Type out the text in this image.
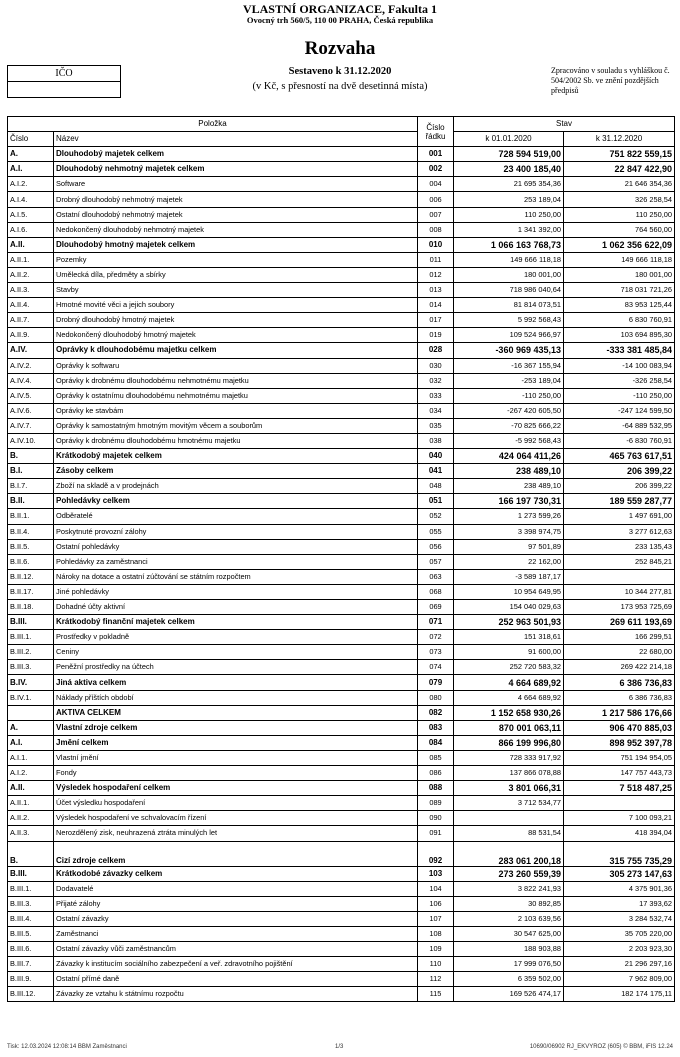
VLASTNÍ ORGANIZACE, Fakulta 1
Ovocný trh 560/5, 110 00 PRAHA, Česká republika
Rozvaha
Sestaveno k 31.12.2020
(v Kč, s přesností na dvě desetinná místa)
IČO	Zpracováno v souladu s vyhláškou č. 504/2002 Sb. ve znění pozdějších předpisů
Položka		Číslo řádku	Stav	
Číslo	Název		k 01.01.2020	k 31.12.2020
A.	Dlouhodobý majetek celkem	001	728 594 519,00	751 822 559,15
A.I.	Dlouhodobý nehmotný majetek celkem	002	23 400 185,40	22 847 422,90
A.I.2.	Software	004	21 695 354,36	21 646 354,36
A.I.4.	Drobný dlouhodobý nehmotný majetek	006	253 189,04	326 258,54
A.I.5.	Ostatní dlouhodobý nehmotný majetek	007	110 250,00	110 250,00
A.I.6.	Nedokončený dlouhodobý nehmotný majetek	008	1 341 392,00	764 560,00
A.II.	Dlouhodobý hmotný majetek celkem	010	1 066 163 768,73	1 062 356 622,09
A.II.1.	Pozemky	011	149 666 118,18	149 666 118,18
A.II.2.	Umělecká díla, předměty a sbírky	012	180 001,00	180 001,00
A.II.3.	Stavby	013	718 986 040,64	718 031 721,26
A.II.4.	Hmotné movité věci a jejich soubory	014	81 814 073,51	83 953 125,44
A.II.7.	Drobný dlouhodobý hmotný majetek	017	5 992 568,43	6 830 760,91
A.II.9.	Nedokončený dlouhodobý hmotný majetek	019	109 524 966,97	103 694 895,30
A.IV.	Oprávky k dlouhodobému majetku celkem	028	-360 969 435,13	-333 381 485,84
A.IV.2.	Oprávky k softwaru	030	-16 367 155,94	-14 100 083,94
A.IV.4.	Oprávky k drobnému dlouhodobému nehmotnému majetku	032	-253 189,04	-326 258,54
A.IV.5.	Oprávky k ostatnímu dlouhodobému nehmotnému majetku	033	-110 250,00	-110 250,00
A.IV.6.	Oprávky ke stavbám	034	-267 420 605,50	-247 124 599,50
A.IV.7.	Oprávky k samostatným hmotným movitým věcem a souborům	035	-70 825 666,22	-64 889 532,95
A.IV.10.	Oprávky k drobnému dlouhodobému hmotnému majetku	038	-5 992 568,43	-6 830 760,91
B.	Krátkodobý majetek celkem	040	424 064 411,26	465 763 617,51
B.I.	Zásoby celkem	041	238 489,10	206 399,22
B.I.7.	Zboží na skladě a v prodejnách	048	238 489,10	206 399,22
B.II.	Pohledávky celkem	051	166 197 730,31	189 559 287,77
B.II.1.	Odběratelé	052	1 273 599,26	1 497 691,00
B.II.4.	Poskytnuté provozní zálohy	055	3 398 974,75	3 277 612,63
B.II.5.	Ostatní pohledávky	056	97 501,89	233 135,43
B.II.6.	Pohledávky za zaměstnanci	057	22 162,00	252 845,21
B.II.12.	Nároky na dotace a ostatní zúčtování se státním rozpočtem	063	-3 589 187,17	
B.II.17.	Jiné pohledávky	068	10 954 649,95	10 344 277,81
B.II.18.	Dohadné účty aktivní	069	154 040 029,63	173 953 725,69
B.III.	Krátkodobý finanční majetek celkem	071	252 963 501,93	269 611 193,69
B.III.1.	Prostředky v pokladně	072	151 318,61	166 299,51
B.III.2.	Ceniny	073	91 600,00	22 680,00
B.III.3.	Peněžní prostředky na účtech	074	252 720 583,32	269 422 214,18
B.IV.	Jiná aktiva celkem	079	4 664 689,92	6 386 736,83
B.IV.1.	Náklady příštích období	080	4 664 689,92	6 386 736,83
	AKTIVA CELKEM	082	1 152 658 930,26	1 217 586 176,66
A.	Vlastní zdroje celkem	083	870 001 063,11	906 470 885,03
A.I.	Jmění celkem	084	866 199 996,80	898 952 397,78
A.I.1.	Vlastní jmění	085	728 333 917,92	751 194 954,05
A.I.2.	Fondy	086	137 866 078,88	147 757 443,73
A.II.	Výsledek hospodaření celkem	088	3 801 066,31	7 518 487,25
A.II.1.	Účet výsledku hospodaření	089	3 712 534,77	
A.II.2.	Výsledek hospodaření ve schvalovacím řízení	090		7 100 093,21
A.II.3.	Nerozdělený zisk, neuhrazená ztráta minulých let	091	88 531,54	418 394,04
B.	Cizí zdroje celkem	092	283 061 200,18	315 755 735,29
B.III.	Krátkodobé závazky celkem	103	273 260 559,39	305 273 147,63
B.III.1.	Dodavatelé	104	3 822 241,93	4 375 901,36
B.III.3.	Přijaté zálohy	106	30 892,85	17 393,62
B.III.4.	Ostatní závazky	107	2 103 639,56	3 284 532,74
B.III.5.	Zaměstnanci	108	30 547 625,00	35 705 220,00
B.III.6.	Ostatní závazky vůči zaměstnancům	109	188 903,88	2 203 923,30
B.III.7.	Závazky k institucím sociálního zabezpečení a veř. zdravotního pojištění	110	17 999 076,50	21 296 297,16
B.III.9.	Ostatní přímé daně	112	6 359 502,00	7 962 809,00
B.III.12.	Závazky ze vztahu k státnímu rozpočtu	115	169 526 474,17	182 174 175,11
Tisk: 12.03.2024 12:08:14 BBM Zaměstnanci	1/3	10690/06902 RJ_EKVYROZ (605) © BBM, iFIS 12.24
